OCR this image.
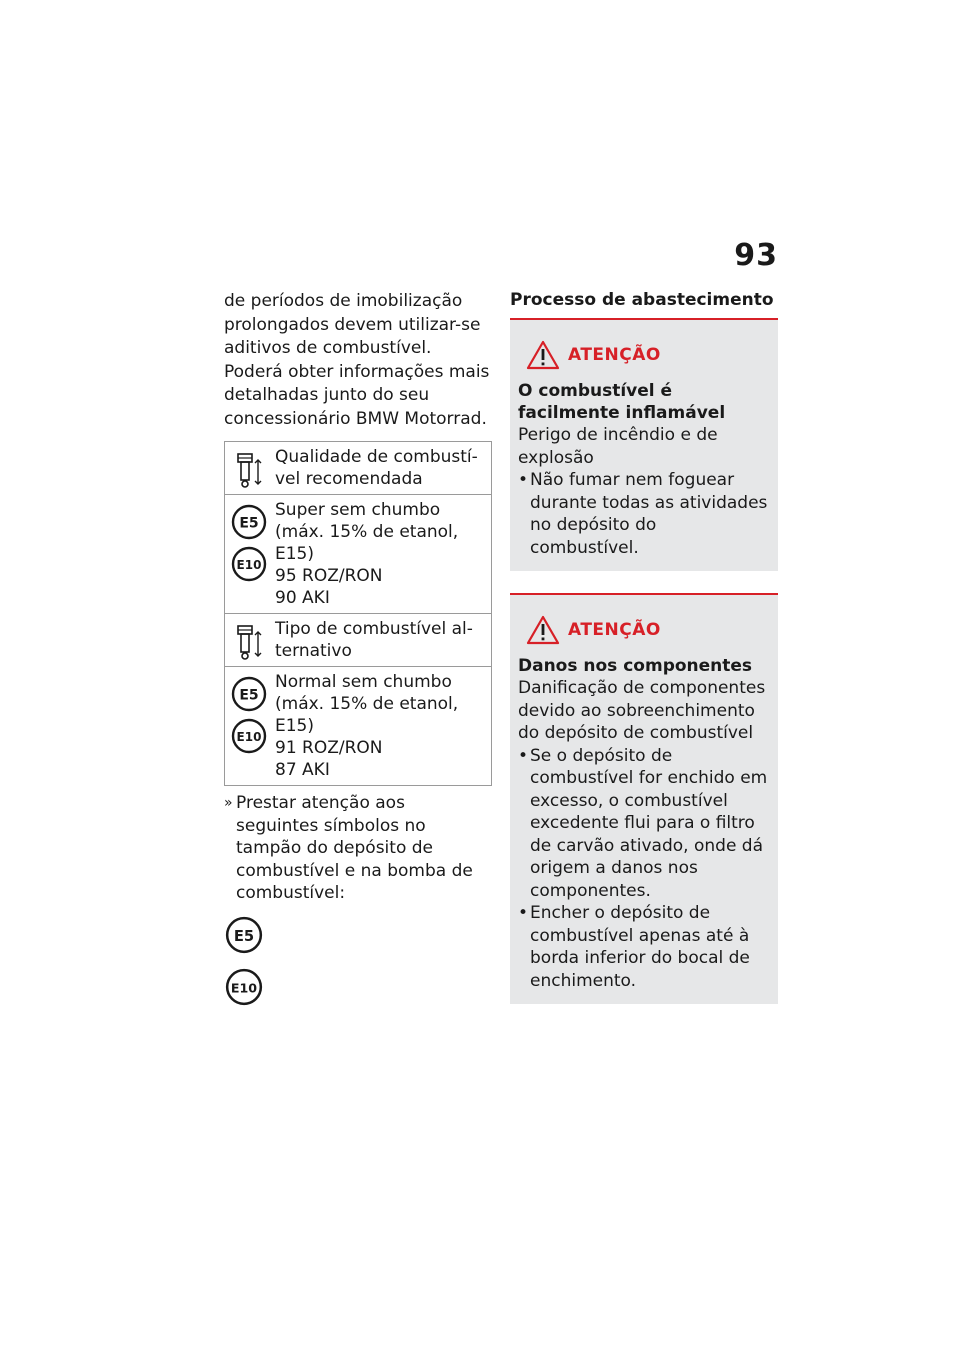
93

de períodos de imobilização prolongados devem utilizar-se aditivos de combustível. Poderá obter informações mais detalhadas junto do seu concessionário BMW Motorrad.

Qualidade de combustí-
vel recomendada
E5
E10
Super sem chumbo
(máx. 15% de etanol,
E15)
95 ROZ/RON
90 AKI
Tipo de combustível al-
ternativo
E5
E10
Normal sem chumbo
(máx. 15% de etanol,
E15)
91 ROZ/RON
87 AKI
» Prestar atenção aos seguintes símbolos no tampão do depósito de combustível e na bomba de combustível:
E5
E10
Processo de abastecimento
ATENÇÃO
O combustível é facilmente inflamável
Perigo de incêndio e de explosão
• Não fumar nem foguear durante todas as atividades no depósito do combustível.
ATENÇÃO
Danos nos componentes
Danificação de componentes devido ao sobreenchimento do depósito de combustível
• Se o depósito de combustível for enchido em excesso, o combustível excedente flui para o filtro de carvão ativado, onde dá origem a danos nos componentes.
• Encher o depósito de combustível apenas até à borda inferior do bocal de enchimento.
